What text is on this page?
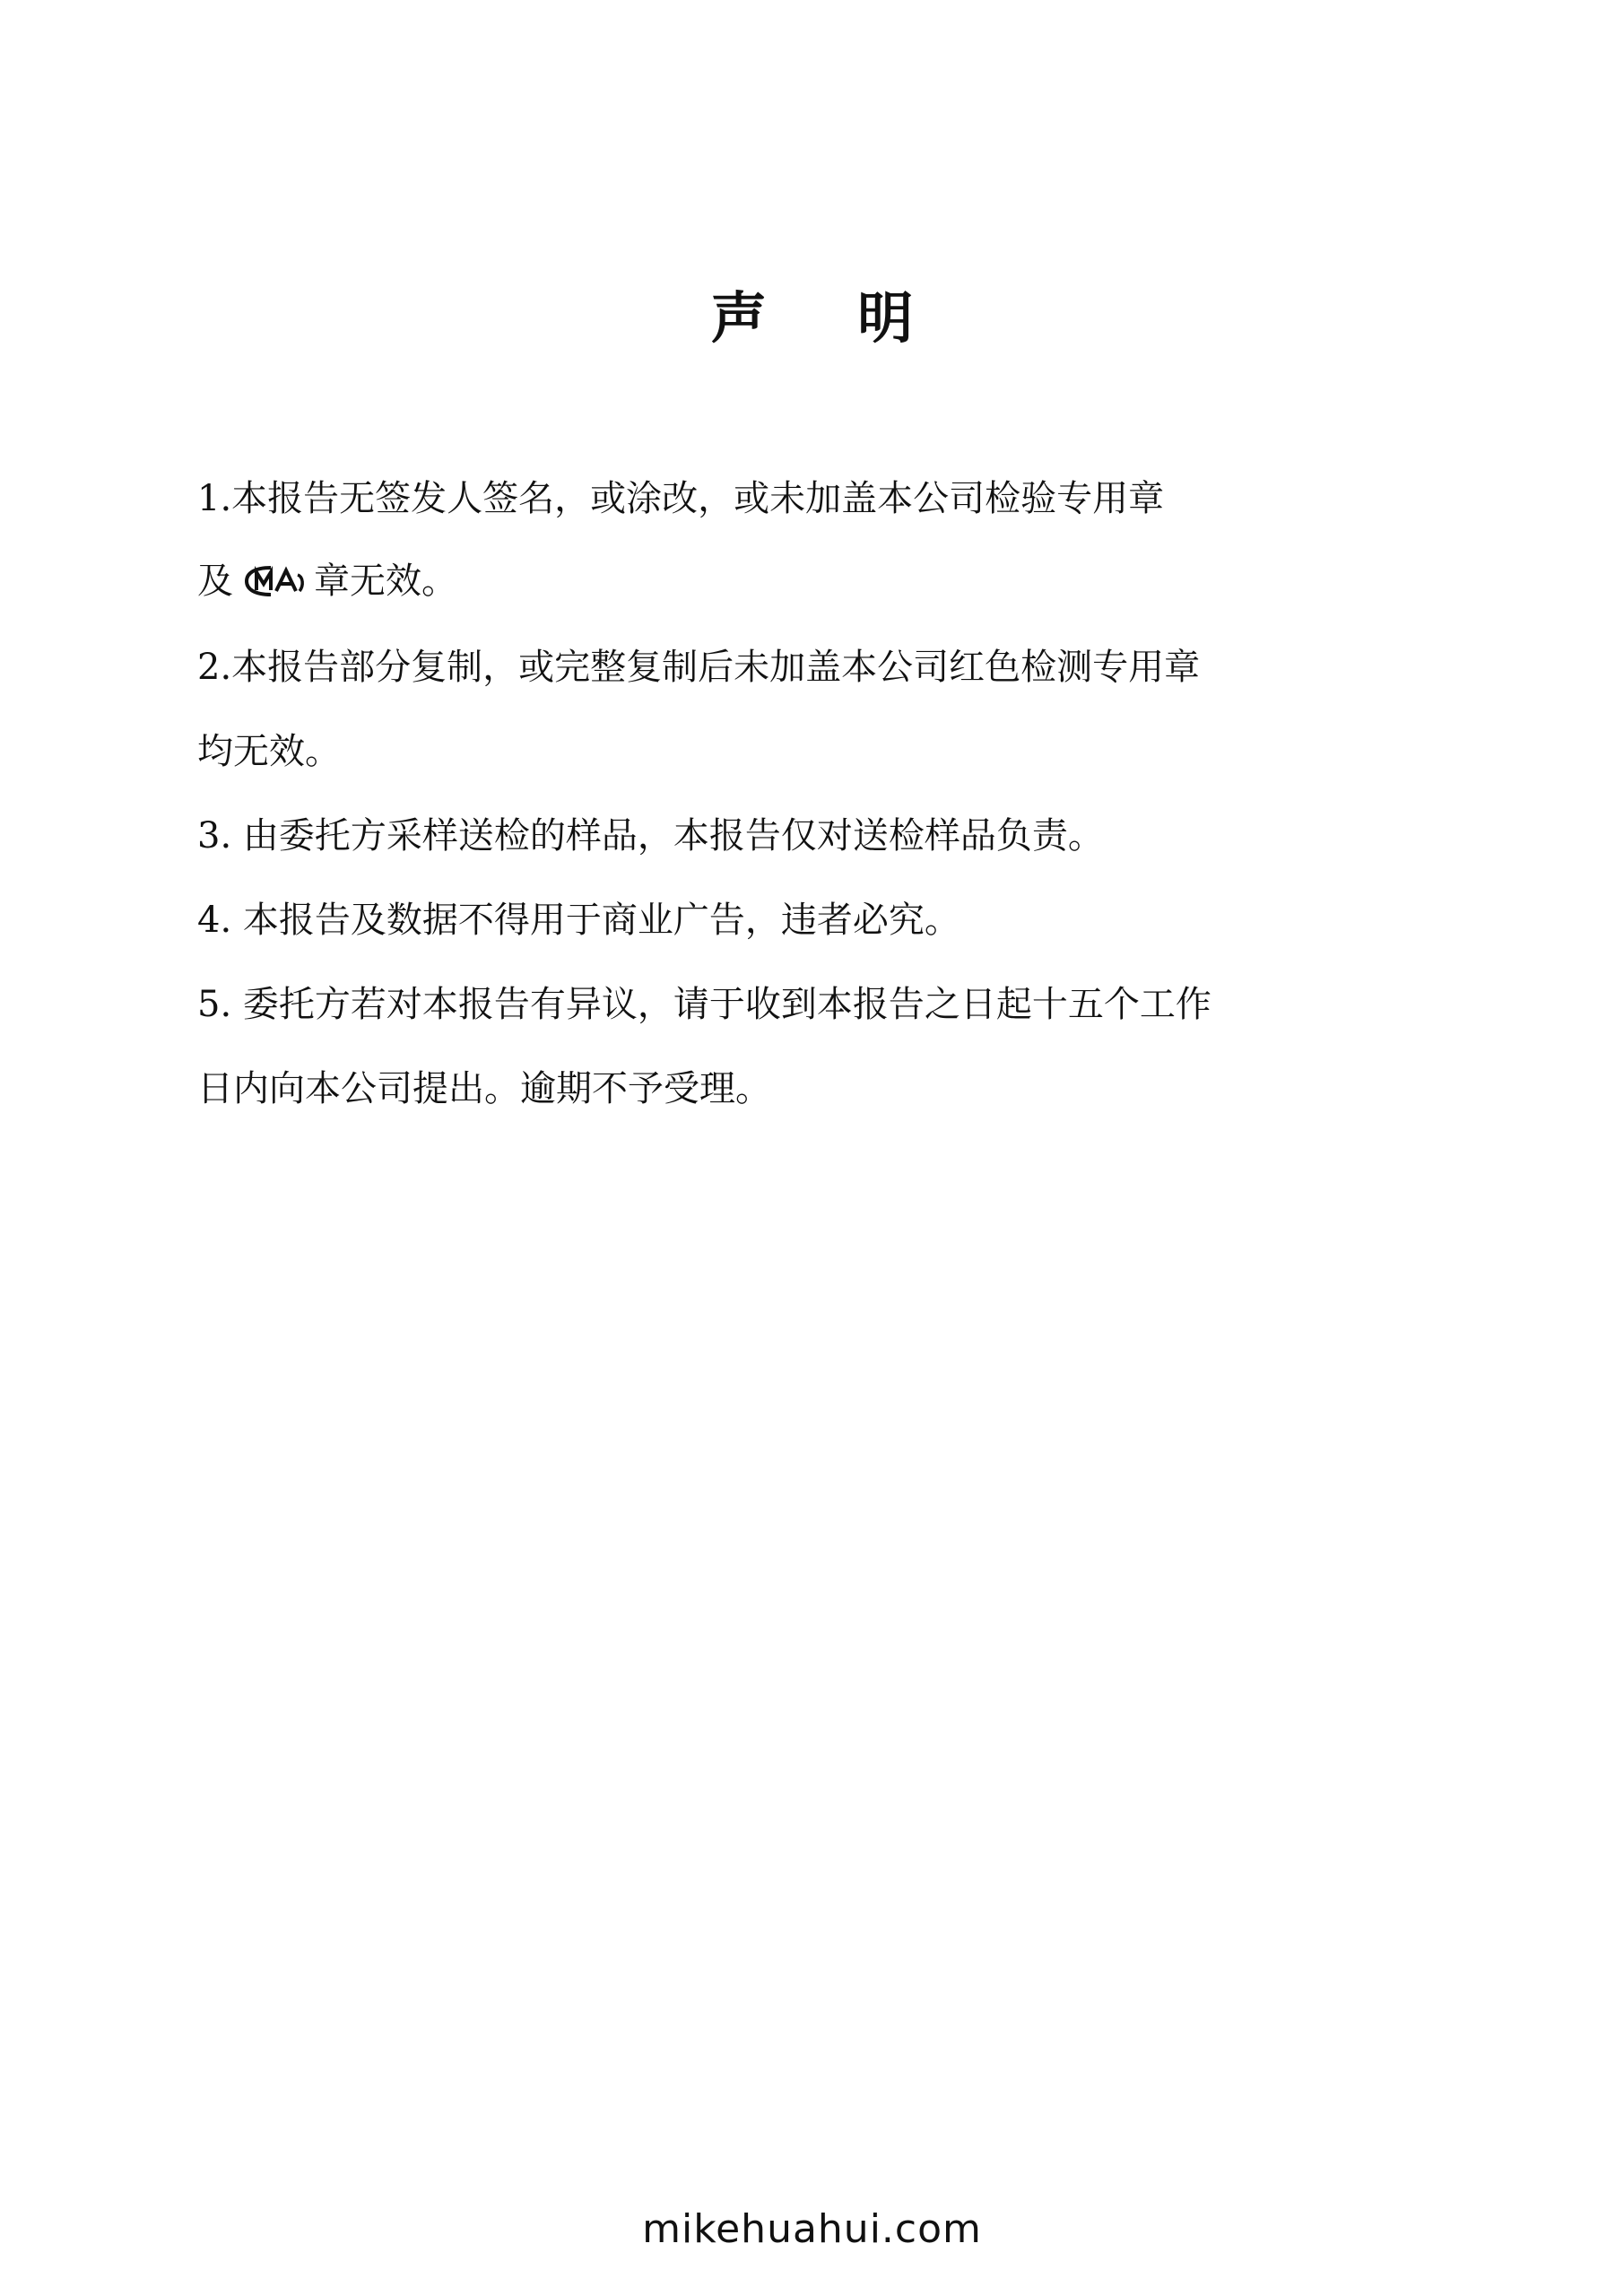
声 明
1.本报告无签发人签名，或涂改，或未加盖本公司检验专用章
及 章无效。
2.本报告部分复制，或完整复制后未加盖本公司红色检测专用章
均无效。
3. 由委托方采样送检的样品，本报告仅对送检样品负责。
4. 本报告及数据不得用于商业广告，违者必究。
5. 委托方若对本报告有异议，请于收到本报告之日起十五个工作
日内向本公司提出。逾期不予受理。
mikehuahui.com
